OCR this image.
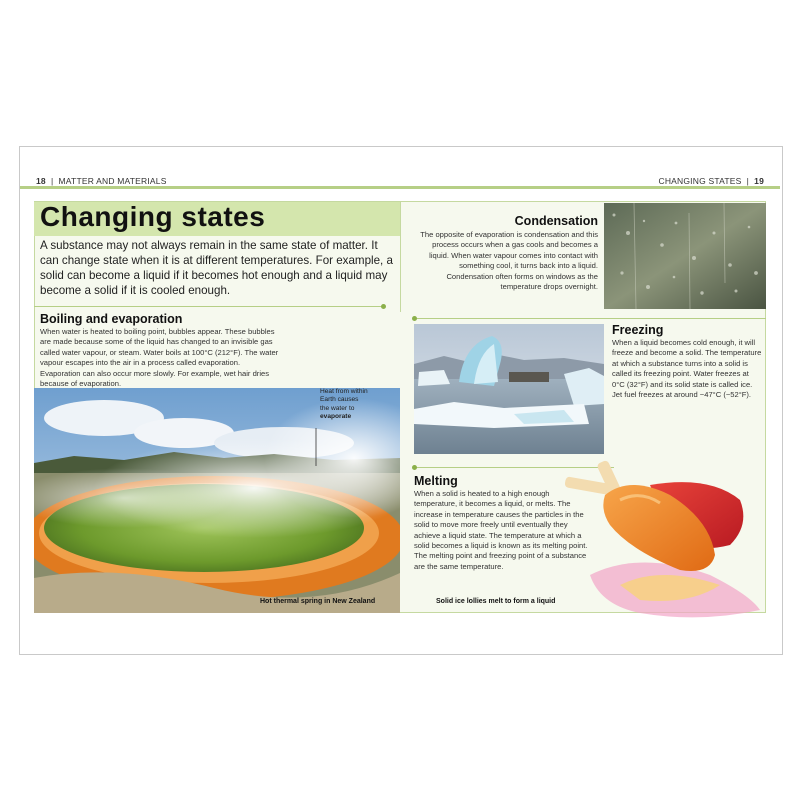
18 | MATTER AND MATERIALS	CHANGING STATES | 19
Changing states
A substance may not always remain in the same state of matter. It can change state when it is at different temperatures. For example, a solid can become a liquid if it becomes hot enough and a liquid may become a solid if it is cooled enough.
Boiling and evaporation
When water is heated to boiling point, bubbles appear. These bubbles are made because some of the liquid has changed to an invisible gas called water vapour, or steam. Water boils at 100°C (212°F). The water vapour escapes into the air in a process called evaporation. Evaporation can also occur more slowly. For example, wet hair dries because of evaporation.
Heat from within Earth causes the water to evaporate
Hot thermal spring in New Zealand
Condensation
The opposite of evaporation is condensation and this process occurs when a gas cools and becomes a liquid. When water vapour comes into contact with something cool, it turns back into a liquid. Condensation often forms on windows as the temperature drops overnight.
Freezing
When a liquid becomes cold enough, it will freeze and become a solid. The temperature at which a substance turns into a solid is called its freezing point. Water freezes at 0°C (32°F) and its solid state is called ice. Jet fuel freezes at around −47°C (−52°F).
Melting
When a solid is heated to a high enough temperature, it becomes a liquid, or melts. The increase in temperature causes the particles in the solid to move more freely until eventually they achieve a liquid state. The temperature at which a solid becomes a liquid is known as its melting point. The melting point and freezing point of a substance are the same temperature.
Solid ice lollies melt to form a liquid
